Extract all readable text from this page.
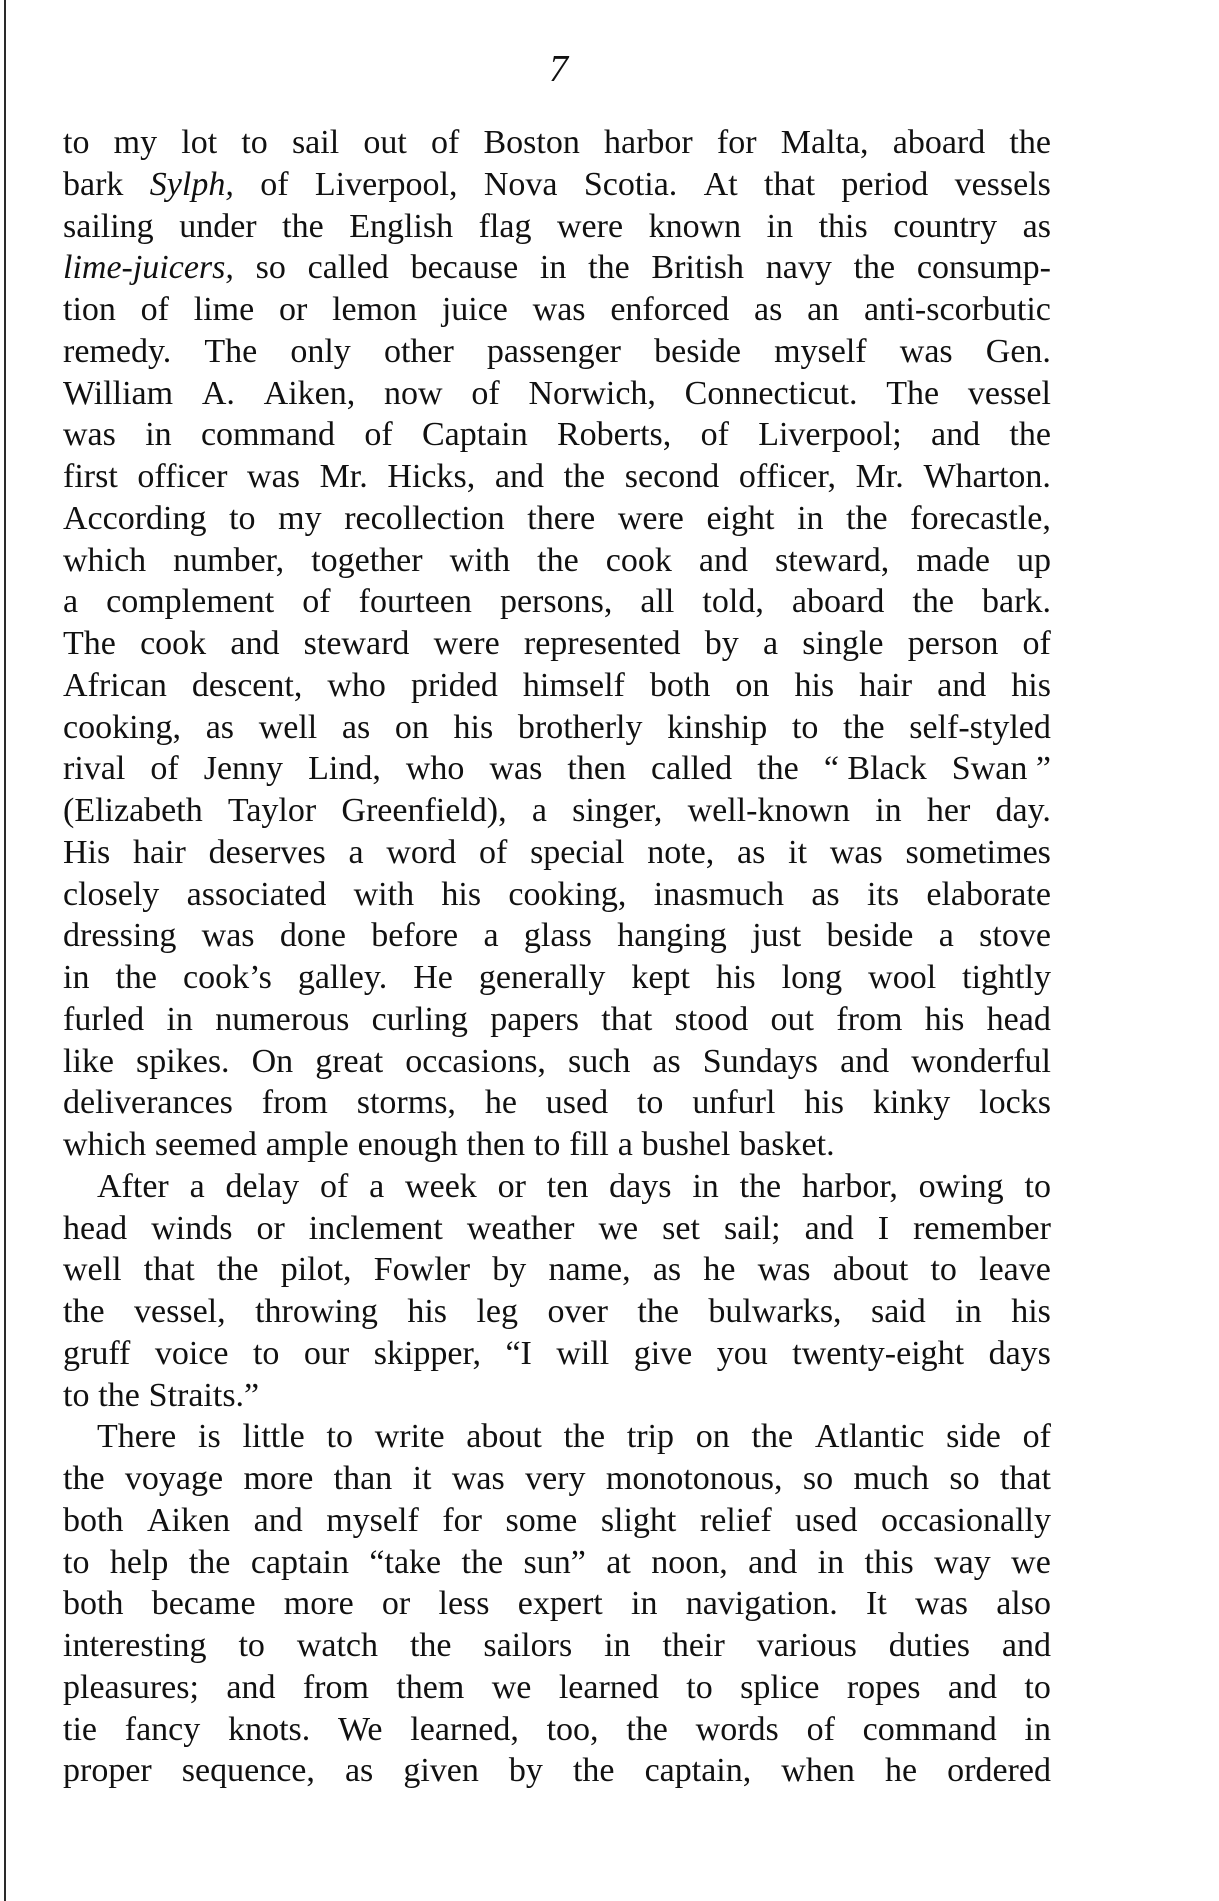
7
to my lot to sail out of Boston harbor for Malta, aboard the
bark Sylph, of Liverpool, Nova Scotia. At that period vessels
sailing under the English flag were known in this country as
lime-juicers, so called because in the British navy the consump-
tion of lime or lemon juice was enforced as an anti-scorbutic
remedy. The only other passenger beside myself was Gen.
William A. Aiken, now of Norwich, Connecticut. The vessel
was in command of Captain Roberts, of Liverpool; and the
first officer was Mr. Hicks, and the second officer, Mr. Wharton.
According to my recollection there were eight in the forecastle,
which number, together with the cook and steward, made up
a complement of fourteen persons, all told, aboard the bark.
The cook and steward were represented by a single person of
African descent, who prided himself both on his hair and his
cooking, as well as on his brotherly kinship to the self-styled
rival of Jenny Lind, who was then called the “ Black Swan ”
(Elizabeth Taylor Greenfield), a singer, well-known in her day.
His hair deserves a word of special note, as it was sometimes
closely associated with his cooking, inasmuch as its elaborate
dressing was done before a glass hanging just beside a stove
in the cook’s galley. He generally kept his long wool tightly
furled in numerous curling papers that stood out from his head
like spikes. On great occasions, such as Sundays and wonderful
deliverances from storms, he used to unfurl his kinky locks
which seemed ample enough then to fill a bushel basket.
After a delay of a week or ten days in the harbor, owing to
head winds or inclement weather we set sail; and I remember
well that the pilot, Fowler by name, as he was about to leave
the vessel, throwing his leg over the bulwarks, said in his
gruff voice to our skipper, “I will give you twenty-eight days
to the Straits.”
There is little to write about the trip on the Atlantic side of
the voyage more than it was very monotonous, so much so that
both Aiken and myself for some slight relief used occasionally
to help the captain “take the sun” at noon, and in this way we
both became more or less expert in navigation. It was also
interesting to watch the sailors in their various duties and
pleasures; and from them we learned to splice ropes and to
tie fancy knots. We learned, too, the words of command in
proper sequence, as given by the captain, when he ordered
